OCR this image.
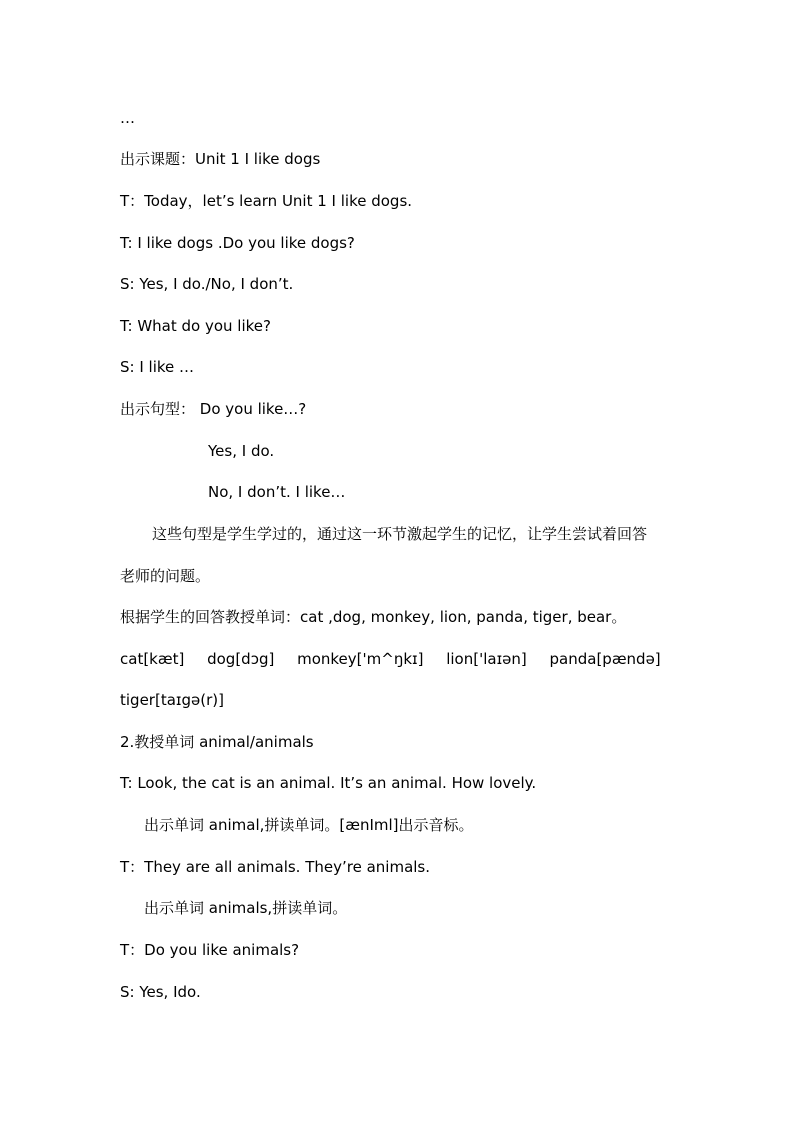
…
出示课题：Unit 1 I like dogs
T：Today，let’s learn Unit 1 I like dogs.
T: I like dogs .Do you like dogs?
S: Yes, I do./No, I don’t.
T: What do you like?
S: I like …
出示句型： Do you like…?
Yes, I do.
No, I don’t. I like…
这些句型是学生学过的，通过这一环节激起学生的记忆，让学生尝试着回答
老师的问题。
根据学生的回答教授单词：cat ,dog, monkey, lion, panda, tiger, bear。
cat[kæt] dog[dɔg] monkey['m^ŋkɪ] lion['laɪən] panda[pændə]
tiger[taɪgə(r)]
2.教授单词 animal/animals
T: Look, the cat is an animal. It’s an animal. How lovely.
出示单词 animal,拼读单词。[ænIml]出示音标。
T：They are all animals. They’re animals.
出示单词 animals,拼读单词。
T：Do you like animals?
S: Yes, Ido.
